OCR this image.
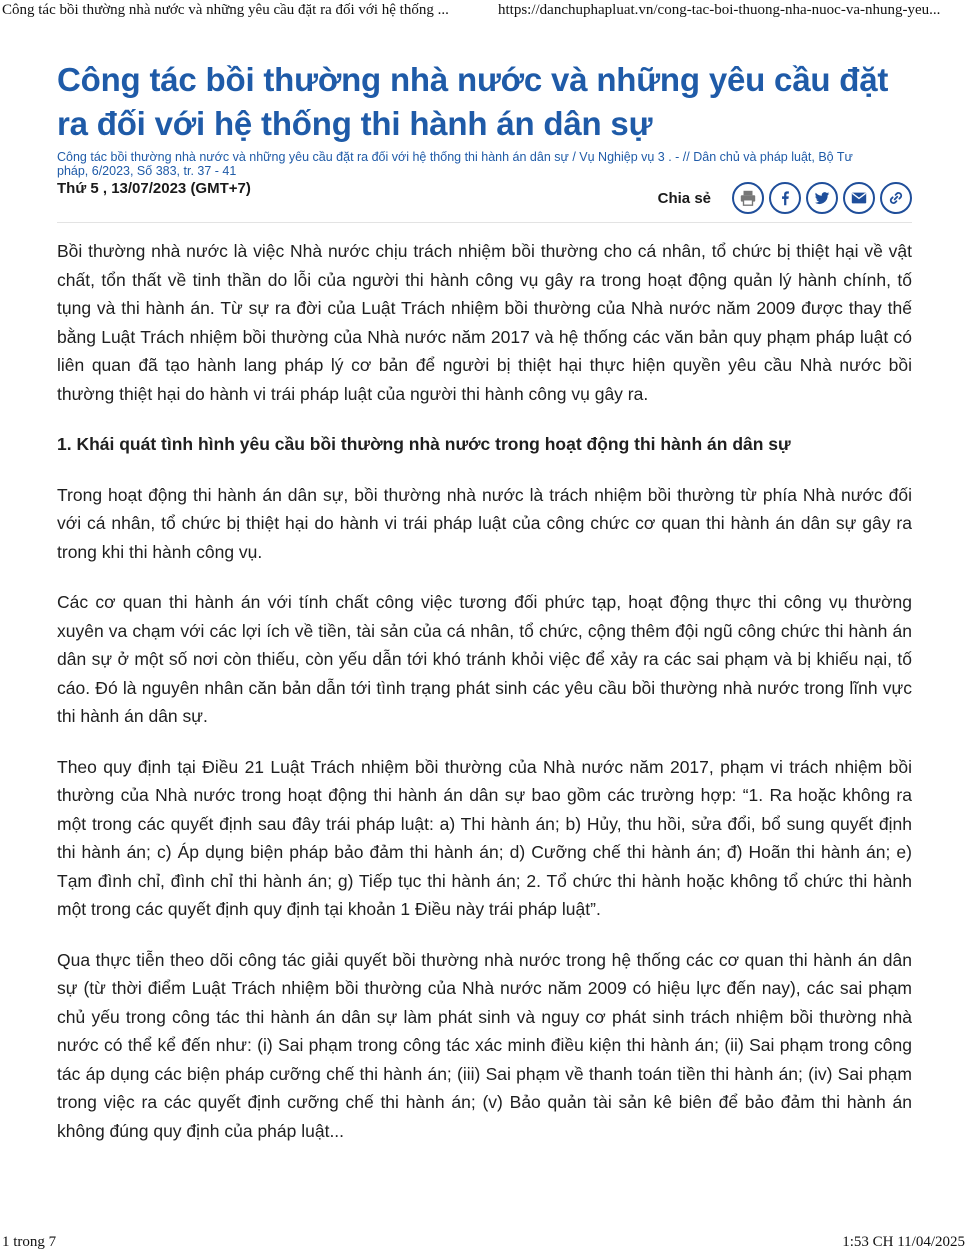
Công tác bồi thường nhà nước và những yêu cầu đặt ra đối với hệ thống ...	https://danchuphapluat.vn/cong-tac-boi-thuong-nha-nuoc-va-nhung-yeu...
Công tác bồi thường nhà nước và những yêu cầu đặt ra đối với hệ thống thi hành án dân sự
Công tác bồi thường nhà nước và những yêu cầu đặt ra đối với hệ thống thi hành án dân sự / Vụ Nghiệp vụ 3 . - // Dân chủ và pháp luật, Bộ Tư
pháp, 6/2023, Số 383, tr. 37 - 41
Thứ 5 , 13/07/2023 (GMT+7)
Chia sẻ

Bồi thường nhà nước là việc Nhà nước chịu trách nhiệm bồi thường cho cá nhân, tổ chức bị thiệt hại về vật chất, tổn thất về tinh thần do lỗi của người thi hành công vụ gây ra trong hoạt động quản lý hành chính, tố tụng và thi hành án. Từ sự ra đời của Luật Trách nhiệm bồi thường của Nhà nước năm 2009 được thay thế bằng Luật Trách nhiệm bồi thường của Nhà nước năm 2017 và hệ thống các văn bản quy phạm pháp luật có liên quan đã tạo hành lang pháp lý cơ bản để người bị thiệt hại thực hiện quyền yêu cầu Nhà nước bồi thường thiệt hại do hành vi trái pháp luật của người thi hành công vụ gây ra.

1. Khái quát tình hình yêu cầu bồi thường nhà nước trong hoạt động thi hành án dân sự

Trong hoạt động thi hành án dân sự, bồi thường nhà nước là trách nhiệm bồi thường từ phía Nhà nước đối với cá nhân, tổ chức bị thiệt hại do hành vi trái pháp luật của công chức cơ quan thi hành án dân sự gây ra trong khi thi hành công vụ.

Các cơ quan thi hành án với tính chất công việc tương đối phức tạp, hoạt động thực thi công vụ thường xuyên va chạm với các lợi ích về tiền, tài sản của cá nhân, tổ chức, cộng thêm đội ngũ công chức thi hành án dân sự ở một số nơi còn thiếu, còn yếu dẫn tới khó tránh khỏi việc để xảy ra các sai phạm và bị khiếu nại, tố cáo. Đó là nguyên nhân căn bản dẫn tới tình trạng phát sinh các yêu cầu bồi thường nhà nước trong lĩnh vực thi hành án dân sự.

Theo quy định tại Điều 21 Luật Trách nhiệm bồi thường của Nhà nước năm 2017, phạm vi trách nhiệm bồi thường của Nhà nước trong hoạt động thi hành án dân sự bao gồm các trường hợp: “1. Ra hoặc không ra một trong các quyết định sau đây trái pháp luật: a) Thi hành án; b) Hủy, thu hồi, sửa đổi, bổ sung quyết định thi hành án; c) Áp dụng biện pháp bảo đảm thi hành án; d) Cưỡng chế thi hành án; đ) Hoãn thi hành án; e) Tạm đình chỉ, đình chỉ thi hành án; g) Tiếp tục thi hành án; 2. Tổ chức thi hành hoặc không tổ chức thi hành một trong các quyết định quy định tại khoản 1 Điều này trái pháp luật”.

Qua thực tiễn theo dõi công tác giải quyết bồi thường nhà nước trong hệ thống các cơ quan thi hành án dân sự (từ thời điểm Luật Trách nhiệm bồi thường của Nhà nước năm 2009 có hiệu lực đến nay), các sai phạm chủ yếu trong công tác thi hành án dân sự làm phát sinh và nguy cơ phát sinh trách nhiệm bồi thường nhà nước có thể kể đến như: (i) Sai phạm trong công tác xác minh điều kiện thi hành án; (ii) Sai phạm trong công tác áp dụng các biện pháp cưỡng chế thi hành án; (iii) Sai phạm về thanh toán tiền thi hành án; (iv) Sai phạm trong việc ra các quyết định cưỡng chế thi hành án; (v) Bảo quản tài sản kê biên để bảo đảm thi hành án không đúng quy định của pháp luật...

1 trong 7	1:53 CH 11/04/2025
